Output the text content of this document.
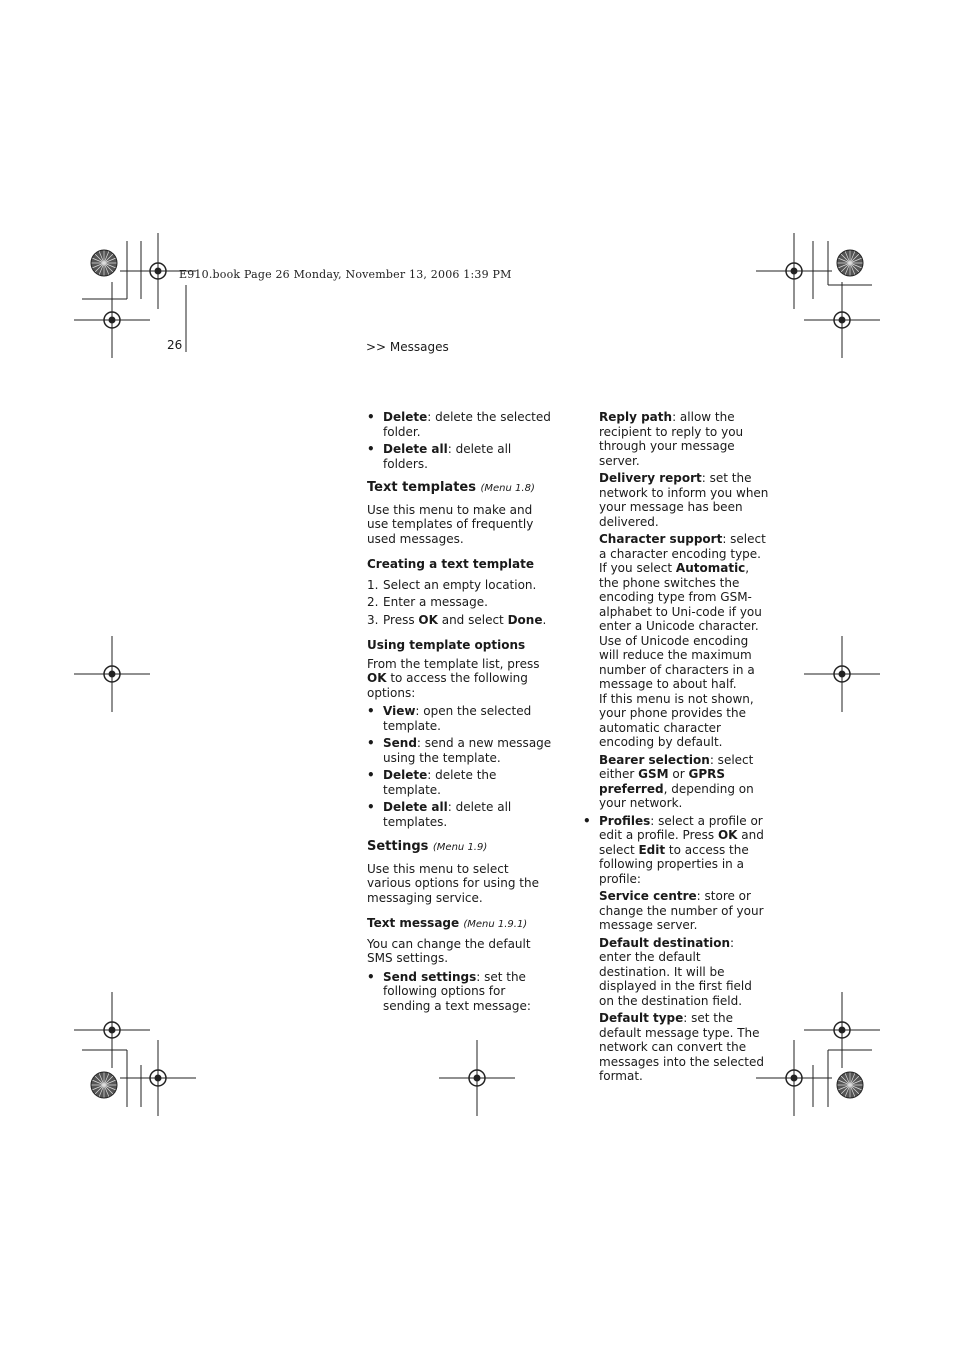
E910.book Page 26 Monday, November 13, 2006 1:39 PM
26	>> Messages

• Delete: delete the selected folder.

• Delete all: delete all folders.

Text templates (Menu 1.8)

Use this menu to make and use templates of frequently used messages.

Creating a text template

1. Select an empty location.

2. Enter a message.

3. Press OK and select Done.

Using template options

From the template list, press OK to access the following options:

• View: open the selected template.

• Send: send a new message using the template.

• Delete: delete the template.

• Delete all: delete all templates.

Settings (Menu 1.9)

Use this menu to select various options for using the messaging service.

Text message (Menu 1.9.1)

You can change the default SMS settings.

• Send settings: set the following options for sending a text message:

Reply path: allow the recipient to reply to you through your message server.

Delivery report: set the network to inform you when your message has been delivered.

Character support: select a character encoding type. If you select Automatic, the phone switches the encoding type from GSM-alphabet to Uni-code if you enter a Unicode character. Use of Unicode encoding will reduce the maximum number of characters in a message to about half.
If this menu is not shown, your phone provides the automatic character encoding by default.

Bearer selection: select either GSM or GPRS preferred, depending on your network.

• Profiles: select a profile or edit a profile. Press OK and select Edit to access the following properties in a profile:

Service centre: store or change the number of your message server.

Default destination: enter the default destination. It will be displayed in the first field on the destination field.

Default type: set the default message type. The network can convert the messages into the selected format.
